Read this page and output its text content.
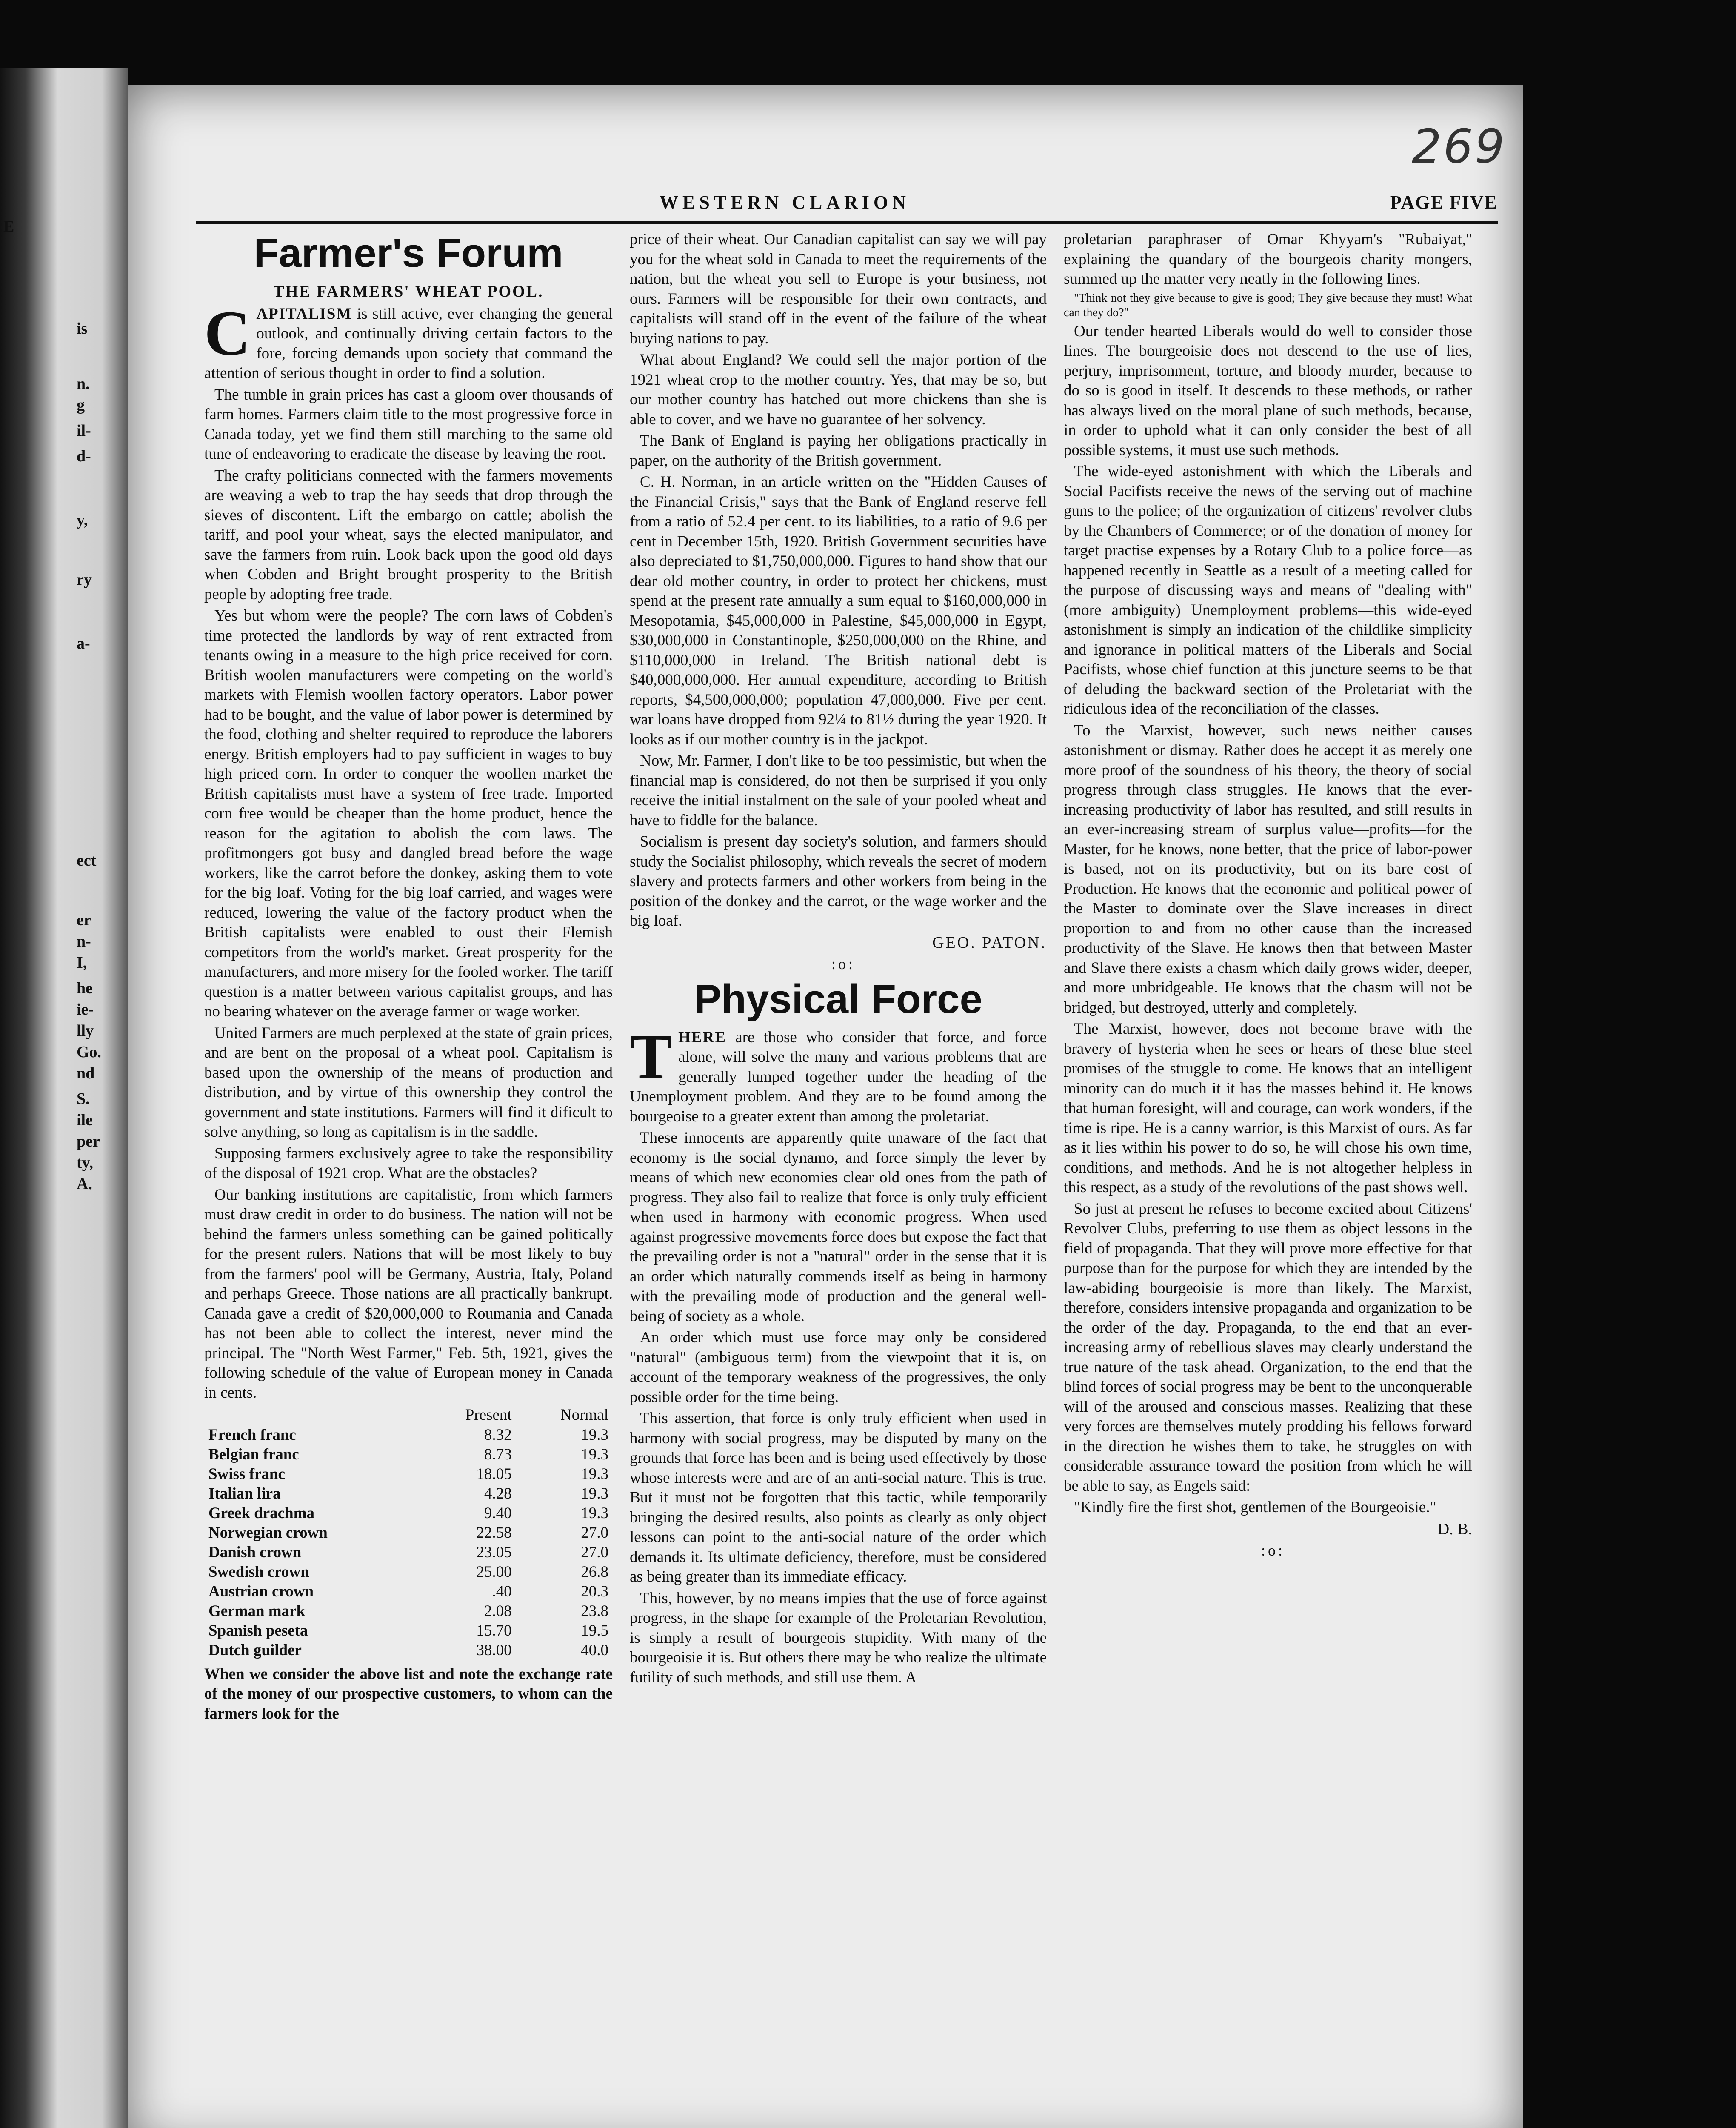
E
is
n.
g
il-
d-
y,
ry
a-
ect
er
n-
I,
he
ie-
lly
Go.
nd
S.
ile
per
ty,
A.
269
WESTERN CLARION	PAGE FIVE
Farmer's Forum
THE FARMERS' WHEAT POOL.

CAPITALISM is still active, ever changing the general outlook, and continually driving certain factors to the fore, forcing demands upon society that command the attention of serious thought in order to find a solution.

The tumble in grain prices has cast a gloom over thousands of farm homes. Farmers claim title to the most progressive force in Canada today, yet we find them still marching to the same old tune of endeavoring to eradicate the disease by leaving the root.

The crafty politicians connected with the farmers movements are weaving a web to trap the hay seeds that drop through the sieves of discontent. Lift the embargo on cattle; abolish the tariff, and pool your wheat, says the elected manipulator, and save the farmers from ruin. Look back upon the good old days when Cobden and Bright brought prosperity to the British people by adopting free trade.

Yes but whom were the people? The corn laws of Cobden's time protected the landlords by way of rent extracted from tenants owing in a measure to the high price received for corn. British woolen manufacturers were competing on the world's markets with Flemish woollen factory operators. Labor power had to be bought, and the value of labor power is determined by the food, clothing and shelter required to reproduce the laborers energy. British employers had to pay sufficient in wages to buy high priced corn. In order to conquer the woollen market the British capitalists must have a system of free trade. Imported corn free would be cheaper than the home product, hence the reason for the agitation to abolish the corn laws. The profitmongers got busy and dangled bread before the wage workers, like the carrot before the donkey, asking them to vote for the big loaf. Voting for the big loaf carried, and wages were reduced, lowering the value of the factory product when the British capitalists were enabled to oust their Flemish competitors from the world's market. Great prosperity for the manufacturers, and more misery for the fooled worker. The tariff question is a matter between various capitalist groups, and has no bearing whatever on the average farmer or wage worker.

United Farmers are much perplexed at the state of grain prices, and are bent on the proposal of a wheat pool. Capitalism is based upon the ownership of the means of production and distribution, and by virtue of this ownership they control the government and state institutions. Farmers will find it dificult to solve anything, so long as capitalism is in the saddle.

Supposing farmers exclusively agree to take the responsibility of the disposal of 1921 crop. What are the obstacles?

Our banking institutions are capitalistic, from which farmers must draw credit in order to do business. The nation will not be behind the farmers unless something can be gained politically for the present rulers. Nations that will be most likely to buy from the farmers' pool will be Germany, Austria, Italy, Poland and perhaps Greece. Those nations are all practically bankrupt. Canada gave a credit of $20,000,000 to Roumania and Canada has not been able to collect the interest, never mind the principal. The "North West Farmer," Feb. 5th, 1921, gives the following schedule of the value of European money in Canada in cents.

	Present	Normal
French franc	8.32	19.3
Belgian franc	8.73	19.3
Swiss franc	18.05	19.3
Italian lira	4.28	19.3
Greek drachma	9.40	19.3
Norwegian crown	22.58	27.0
Danish crown	23.05	27.0
Swedish crown	25.00	26.8
Austrian crown	.40	20.3
German mark	2.08	23.8
Spanish peseta	15.70	19.5
Dutch guilder	38.00	40.0

When we consider the above list and note the exchange rate of the money of our prospective customers, to whom can the farmers look for the

price of their wheat. Our Canadian capitalist can say we will pay you for the wheat sold in Canada to meet the requirements of the nation, but the wheat you sell to Europe is your business, not ours. Farmers will be responsible for their own contracts, and capitalists will stand off in the event of the failure of the wheat buying nations to pay.

What about England? We could sell the major portion of the 1921 wheat crop to the mother country. Yes, that may be so, but our mother country has hatched out more chickens than she is able to cover, and we have no guarantee of her solvency.

The Bank of England is paying her obligations practically in paper, on the authority of the British government.

C. H. Norman, in an article written on the "Hidden Causes of the Financial Crisis," says that the Bank of England reserve fell from a ratio of 52.4 per cent. to its liabilities, to a ratio of 9.6 per cent in December 15th, 1920. British Government securities have also depreciated to $1,750,000,000. Figures to hand show that our dear old mother country, in order to protect her chickens, must spend at the present rate annually a sum equal to $160,000,000 in Mesopotamia, $45,000,000 in Palestine, $45,000,000 in Egypt, $30,000,000 in Constantinople, $250,000,000 on the Rhine, and $110,000,000 in Ireland. The British national debt is $40,000,000,000. Her annual expenditure, according to British reports, $4,500,000,000; population 47,000,000. Five per cent. war loans have dropped from 92¼ to 81½ during the year 1920. It looks as if our mother country is in the jackpot.

Now, Mr. Farmer, I don't like to be too pessimistic, but when the financial map is considered, do not then be surprised if you only receive the initial instalment on the sale of your pooled wheat and have to fiddle for the balance.

Socialism is present day society's solution, and farmers should study the Socialist philosophy, which reveals the secret of modern slavery and protects farmers and other workers from being in the position of the donkey and the carrot, or the wage worker and the big loaf.

GEO. PATON.

:o:

Physical Force

THERE are those who consider that force, and force alone, will solve the many and various problems that are generally lumped together under the heading of the Unemployment problem. And they are to be found among the bourgeoise to a greater extent than among the proletariat.

These innocents are apparently quite unaware of the fact that economy is the social dynamo, and force simply the lever by means of which new economies clear old ones from the path of progress. They also fail to realize that force is only truly efficient when used in harmony with economic progress. When used against progressive movements force does but expose the fact that the prevailing order is not a "natural" order in the sense that it is an order which naturally commends itself as being in harmony with the prevailing mode of production and the general well-being of society as a whole.

An order which must use force may only be considered "natural" (ambiguous term) from the viewpoint that it is, on account of the temporary weakness of the progressives, the only possible order for the time being.

This assertion, that force is only truly efficient when used in harmony with social progress, may be disputed by many on the grounds that force has been and is being used effectively by those whose interests were and are of an anti-social nature. This is true. But it must not be forgotten that this tactic, while temporarily bringing the desired results, also points as clearly as only object lessons can point to the anti-social nature of the order which demands it. Its ultimate deficiency, therefore, must be considered as being greater than its immediate efficacy.

This, however, by no means impies that the use of force against progress, in the shape for example of the Proletarian Revolution, is simply a result of bourgeois stupidity. With many of the bourgeoisie it is. But others there may be who realize the ultimate futility of such methods, and still use them. A

proletarian paraphraser of Omar Khyyam's "Rubaiyat," explaining the quandary of the bourgeois charity mongers, summed up the matter very neatly in the following lines.

"Think not they give because to give is good; They give because they must! What can they do?"

Our tender hearted Liberals would do well to consider those lines. The bourgeoisie does not descend to the use of lies, perjury, imprisonment, torture, and bloody murder, because to do so is good in itself. It descends to these methods, or rather has always lived on the moral plane of such methods, because, in order to uphold what it can only consider the best of all possible systems, it must use such methods.

The wide-eyed astonishment with which the Liberals and Social Pacifists receive the news of the serving out of machine guns to the police; of the organization of citizens' revolver clubs by the Chambers of Commerce; or of the donation of money for target practise expenses by a Rotary Club to a police force—as happened recently in Seattle as a result of a meeting called for the purpose of discussing ways and means of "dealing with" (more ambiguity) Unemployment problems—this wide-eyed astonishment is simply an indication of the childlike simplicity and ignorance in political matters of the Liberals and Social Pacifists, whose chief function at this juncture seems to be that of deluding the backward section of the Proletariat with the ridiculous idea of the reconciliation of the classes.

To the Marxist, however, such news neither causes astonishment or dismay. Rather does he accept it as merely one more proof of the soundness of his theory, the theory of social progress through class struggles. He knows that the ever-increasing productivity of labor has resulted, and still results in an ever-increasing stream of surplus value—profits—for the Master, for he knows, none better, that the price of labor-power is based, not on its productivity, but on its bare cost of Production. He knows that the economic and political power of the Master to dominate over the Slave increases in direct proportion to and from no other cause than the increased productivity of the Slave. He knows then that between Master and Slave there exists a chasm which daily grows wider, deeper, and more unbridgeable. He knows that the chasm will not be bridged, but destroyed, utterly and completely.

The Marxist, however, does not become brave with the bravery of hysteria when he sees or hears of these blue steel promises of the struggle to come. He knows that an intelligent minority can do much it it has the masses behind it. He knows that human foresight, will and courage, can work wonders, if the time is ripe. He is a canny warrior, is this Marxist of ours. As far as it lies within his power to do so, he will chose his own time, conditions, and methods. And he is not altogether helpless in this respect, as a study of the revolutions of the past shows well.

So just at present he refuses to become excited about Citizens' Revolver Clubs, preferring to use them as object lessons in the field of propaganda. That they will prove more effective for that purpose than for the purpose for which they are intended by the law-abiding bourgeoisie is more than likely. The Marxist, therefore, considers intensive propaganda and organization to be the order of the day. Propaganda, to the end that an ever-increasing army of rebellious slaves may clearly understand the true nature of the task ahead. Organization, to the end that the blind forces of social progress may be bent to the unconquerable will of the aroused and conscious masses. Realizing that these very forces are themselves mutely prodding his fellows forward in the direction he wishes them to take, he struggles on with considerable assurance toward the position from which he will be able to say, as Engels said:

"Kindly fire the first shot, gentlemen of the Bourgeoisie."

D. B.

:o:
